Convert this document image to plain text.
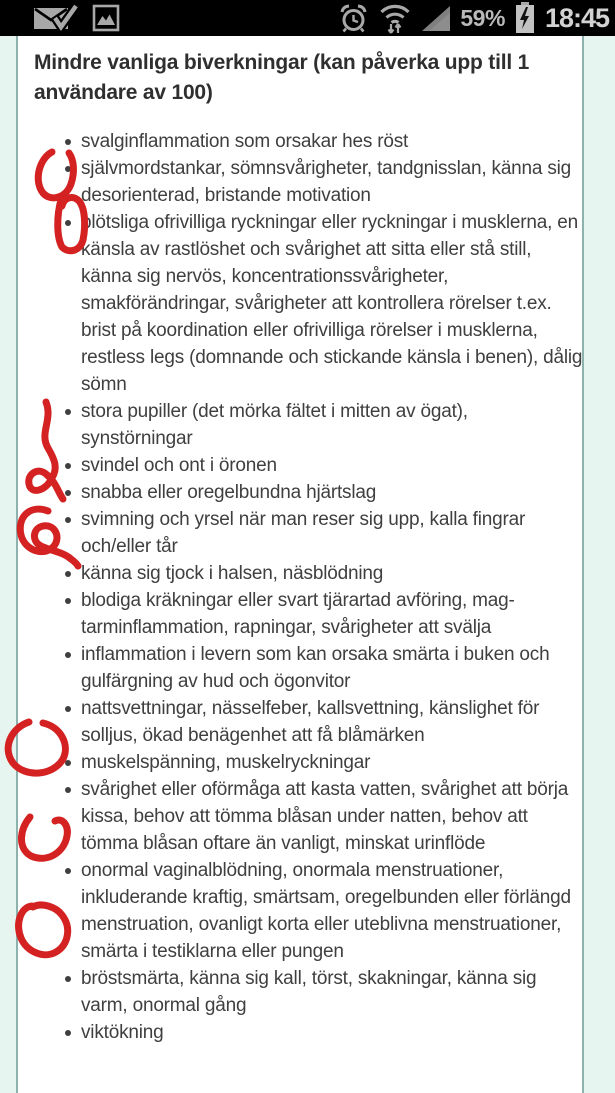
59% 18:45
Mindre vanliga biverkningar (kan påverka upp till 1 användare av 100)
svalginflammation som orsakar hes röst
självmordstankar, sömnsvårigheter, tandgnisslan, känna sig desorienterad, bristande motivation
plötsliga ofrivilliga ryckningar eller ryckningar i musklerna, en känsla av rastlöshet och svårighet att sitta eller stå still, känna sig nervös, koncentrationssvårigheter, smakförändringar, svårigheter att kontrollera rörelser t.ex. brist på koordination eller ofrivilliga rörelser i musklerna, restless legs (domnande och stickande känsla i benen), dålig sömn
stora pupiller (det mörka fältet i mitten av ögat), synstörningar
svindel och ont i öronen
snabba eller oregelbundna hjärtslag
svimning och yrsel när man reser sig upp, kalla fingrar och/eller tår
känna sig tjock i halsen, näsblödning
blodiga kräkningar eller svart tjärartad avföring, mag-tarminflammation, rapningar, svårigheter att svälja
inflammation i levern som kan orsaka smärta i buken och gulfärgning av hud och ögonvitor
nattsvettningar, nässelfeber, kallsvettning, känslighet för solljus, ökad benägenhet att få blåmärken
muskelspänning, muskelryckningar
svårighet eller oförmåga att kasta vatten, svårighet att börja kissa, behov att tömma blåsan under natten, behov att tömma blåsan oftare än vanligt, minskat urinflöde
onormal vaginalblödning, onormala menstruationer, inkluderande kraftig, smärtsam, oregelbunden eller förlängd menstruation, ovanligt korta eller uteblivna menstruationer, smärta i testiklarna eller pungen
bröstsmärta, känna sig kall, törst, skakningar, känna sig varm, onormal gång
viktökning
